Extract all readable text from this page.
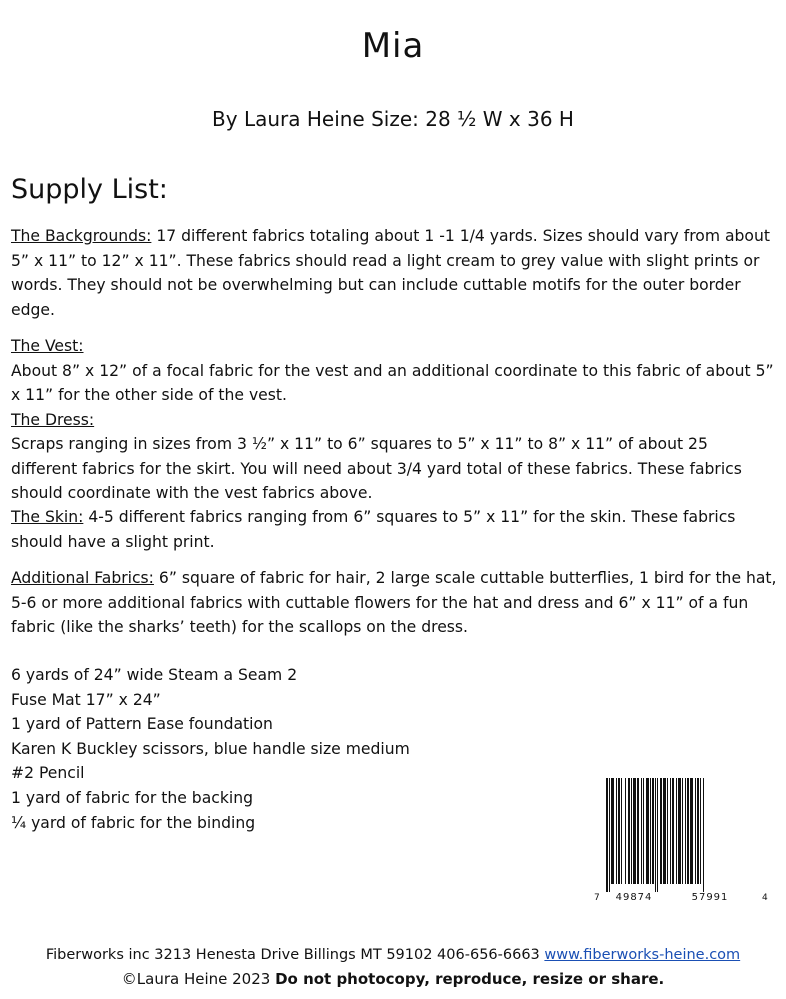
Mia
By Laura Heine Size: 28 ½ W x 36 H
Supply List:
The Backgrounds: 17 different fabrics totaling about 1 -1 1/4 yards. Sizes should vary from about 5” x 11” to 12” x 11”. These fabrics should read a light cream to grey value with slight prints or words. They should not be overwhelming but can include cuttable motifs for the outer border edge.
The Vest:
About 8” x 12” of a focal fabric for the vest and an additional coordinate to this fabric of about 5” x 11” for the other side of the vest.
The Dress:
Scraps ranging in sizes from 3 ½” x 11” to 6” squares to 5” x 11” to 8” x 11” of about 25 different fabrics for the skirt. You will need about 3/4 yard total of these fabrics. These fabrics should coordinate with the vest fabrics above.
The Skin: 4-5 different fabrics ranging from 6” squares to 5” x 11” for the skin. These fabrics should have a slight print.
Additional Fabrics: 6” square of fabric for hair, 2 large scale cuttable butterflies, 1 bird for the hat, 5-6 or more additional fabrics with cuttable flowers for the hat and dress and 6” x 11” of a fun fabric (like the sharks’ teeth) for the scallops on the dress.
6 yards of 24” wide Steam a Seam 2
Fuse Mat 17” x 24”
1 yard of Pattern Ease foundation
Karen K Buckley scissors, blue handle size medium
#2 Pencil
1 yard of fabric for the backing
¼ yard of fabric for the binding
7 49874	57991	4
Fiberworks inc 3213 Henesta Drive Billings MT 59102 406-656-6663 www.fiberworks-heine.com
©Laura Heine 2023 Do not photocopy, reproduce, resize or share.
